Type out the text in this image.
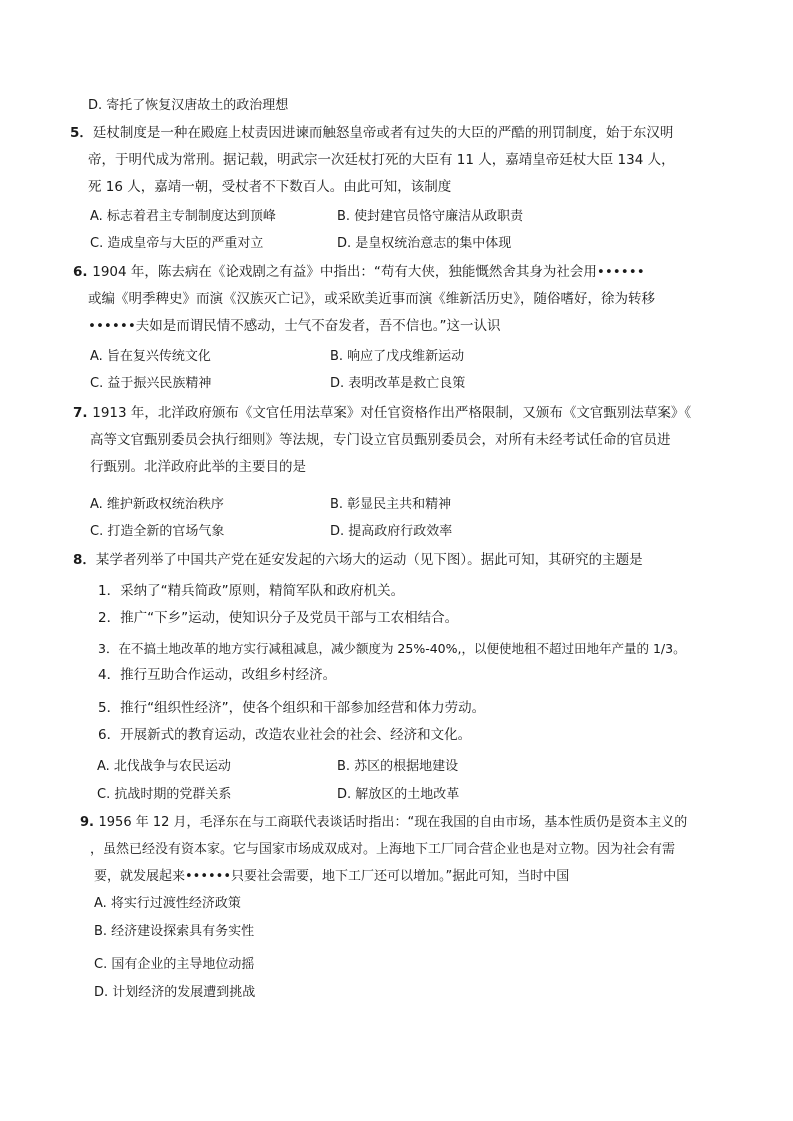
D. 寄托了恢复汉唐故土的政治理想
5．廷杖制度是一种在殿庭上杖责因进谏而触怒皇帝或者有过失的大臣的严酷的刑罚制度，始于东汉明
帝，于明代成为常刑。据记载，明武宗一次廷杖打死的大臣有 11 人，嘉靖皇帝廷杖大臣 134 人，
死 16 人，嘉靖一朝，受杖者不下数百人。由此可知，该制度
A. 标志着君主专制制度达到顶峰	B. 使封建官员恪守廉洁从政职责
C. 造成皇帝与大臣的严重对立	D. 是皇权统治意志的集中体现
6. 1904 年，陈去病在《论戏剧之有益》中指出：“苟有大侠，独能慨然舍其身为社会用••••••
或编《明季稗史》而演《汉族灭亡记》，或采欧美近事而演《维新活历史》，随俗嗜好，徐为转移
••••••夫如是而谓民情不感动，士气不奋发者，吾不信也。”这一认识
A. 旨在复兴传统文化	B. 响应了戊戌维新运动
C. 益于振兴民族精神	D. 表明改革是救亡良策
7. 1913 年，北洋政府颁布《文官任用法草案》对任官资格作出严格限制，又颁布《文官甄别法草案》《
高等文官甄别委员会执行细则》等法规，专门设立官员甄别委员会，对所有未经考试任命的官员进
行甄别。北洋政府此举的主要目的是
A. 维护新政权统治秩序	B. 彰显民主共和精神
C. 打造全新的官场气象	D. 提高政府行政效率
8．某学者列举了中国共产党在延安发起的六场大的运动（见下图）。据此可知，其研究的主题是
1．采纳了“精兵简政”原则，精简军队和政府机关。
2．推广“下乡”运动，使知识分子及党员干部与工农相结合。
3．在不搞土地改革的地方实行减租减息，减少额度为 25%-40%,，以便使地租不超过田地年产量的 1/3。
4．推行互助合作运动，改组乡村经济。
5．推行“组织性经济”，使各个组织和干部参加经营和体力劳动。
6．开展新式的教育运动，改造农业社会的社会、经济和文化。
A. 北伐战争与农民运动	B. 苏区的根据地建设
C. 抗战时期的党群关系	D. 解放区的土地改革
9. 1956 年 12 月，毛泽东在与工商联代表谈话时指出：“现在我国的自由市场，基本性质仍是资本主义的
，虽然已经没有资本家。它与国家市场成双成对。上海地下工厂同合营企业也是对立物。因为社会有需
要，就发展起来••••••只要社会需要，地下工厂还可以增加。”据此可知，当时中国
A. 将实行过渡性经济政策
B. 经济建设探索具有务实性
C. 国有企业的主导地位动摇
D. 计划经济的发展遭到挑战
